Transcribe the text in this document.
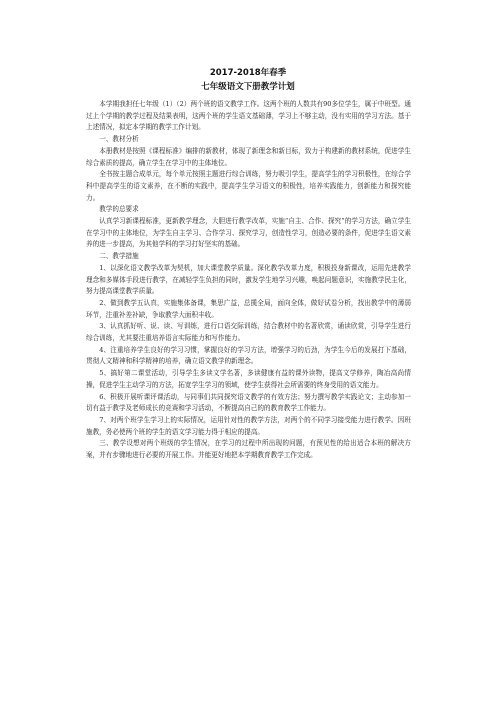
2017-2018年春季
七年级语文下册教学计划

本学期我担任七年级（1）（2）两个班的语文教学工作。这两个班的人数共有90多位学生，属于中班型。通过上个学期的教学过程及结果表明，这两个班的学生语文基础薄，学习上不够主动，没有实用的学习方法。基于上述情况，拟定本学期的教学工作计划。

一、教材分析

本册教材是按照《课程标准》编排的新教材，体现了新理念和新目标，致力于构建新的教材系统，促进学生综合素质的提高，确立学生在学习中的主体地位。

全书按主题合成单元，每个单元按照主题进行综合训练，努力吸引学生，提高学生的学习积极性，在综合学科中提高学生的语文素养，在不断的实践中，提高学生学习语文的积极性，培养实践能力，创新能力和探究能力。

教学的总要求

认真学习新课程标准，更新教学理念，大胆进行教学改革，实施“自主、合作、探究”的学习方法，确立学生在学习中的主体地位，为学生自主学习、合作学习、探究学习，创造性学习，创造必要的条件，促进学生语文素养的进一步提高，为其他学科的学习打好坚实的基础。

二、教学措施

1、以深化语文教学改革为契机，加大课堂教学质量。深化教学改革力度，积极投身新课改，运用先进教学理念和多媒体手段进行教学，在减轻学生负担的同时，激发学生地学习兴趣，唤起问题意识，实施教学民主化，努力提高课堂教学质量。

2、做到教学五认真，实施集体备课，集思广益，总揽全局，面向全体，做好试卷分析，找出教学中的薄弱环节，注重补差补缺，争取教学大面积丰收。

3、认真抓好听、说、读、写训练，进行口语交际训练，结合教材中的名著欣赏，诵读欣赏，引导学生进行综合训练，尤其要注重培养语言实际能力和写作能力。

4、注重培养学生良好的学习习惯，掌握良好的学习方法，增强学习的后劲，为学生今后的发展打下基础，贯彻人文精神和科学精神的培养，确立语文教学的新理念。

5、搞好第二课堂活动，引导学生多读文学名著，多读健康有益的课外读物，提高文学修养，陶冶高尚情操，促进学生主动学习的方法，拓宽学生学习的领域，使学生获得社会所需要的终身受用的语文能力。

6、积极开展听课评课活动，与同事们共同探究语文教学的有效方法；努力撰写教学实践论文；主动参加一切有益于教学及老师成长的竞赛和学习活动，不断提高自己的的教育教学工作能力。

7、对两个班学生学习上的实际情况，运用针对性的教学方法，对两个的不同学习接受能力进行教学。因班施教，务必使两个班的学生的语文学习能力得于相应的提高。

三、教学设想对两个班级的学生情况，在学习的过程中所出现的问题，有预见性的给出适合本班的解决方案，并有步骤地进行必要的开展工作。并能更好地把本学期教育教学工作完成。
